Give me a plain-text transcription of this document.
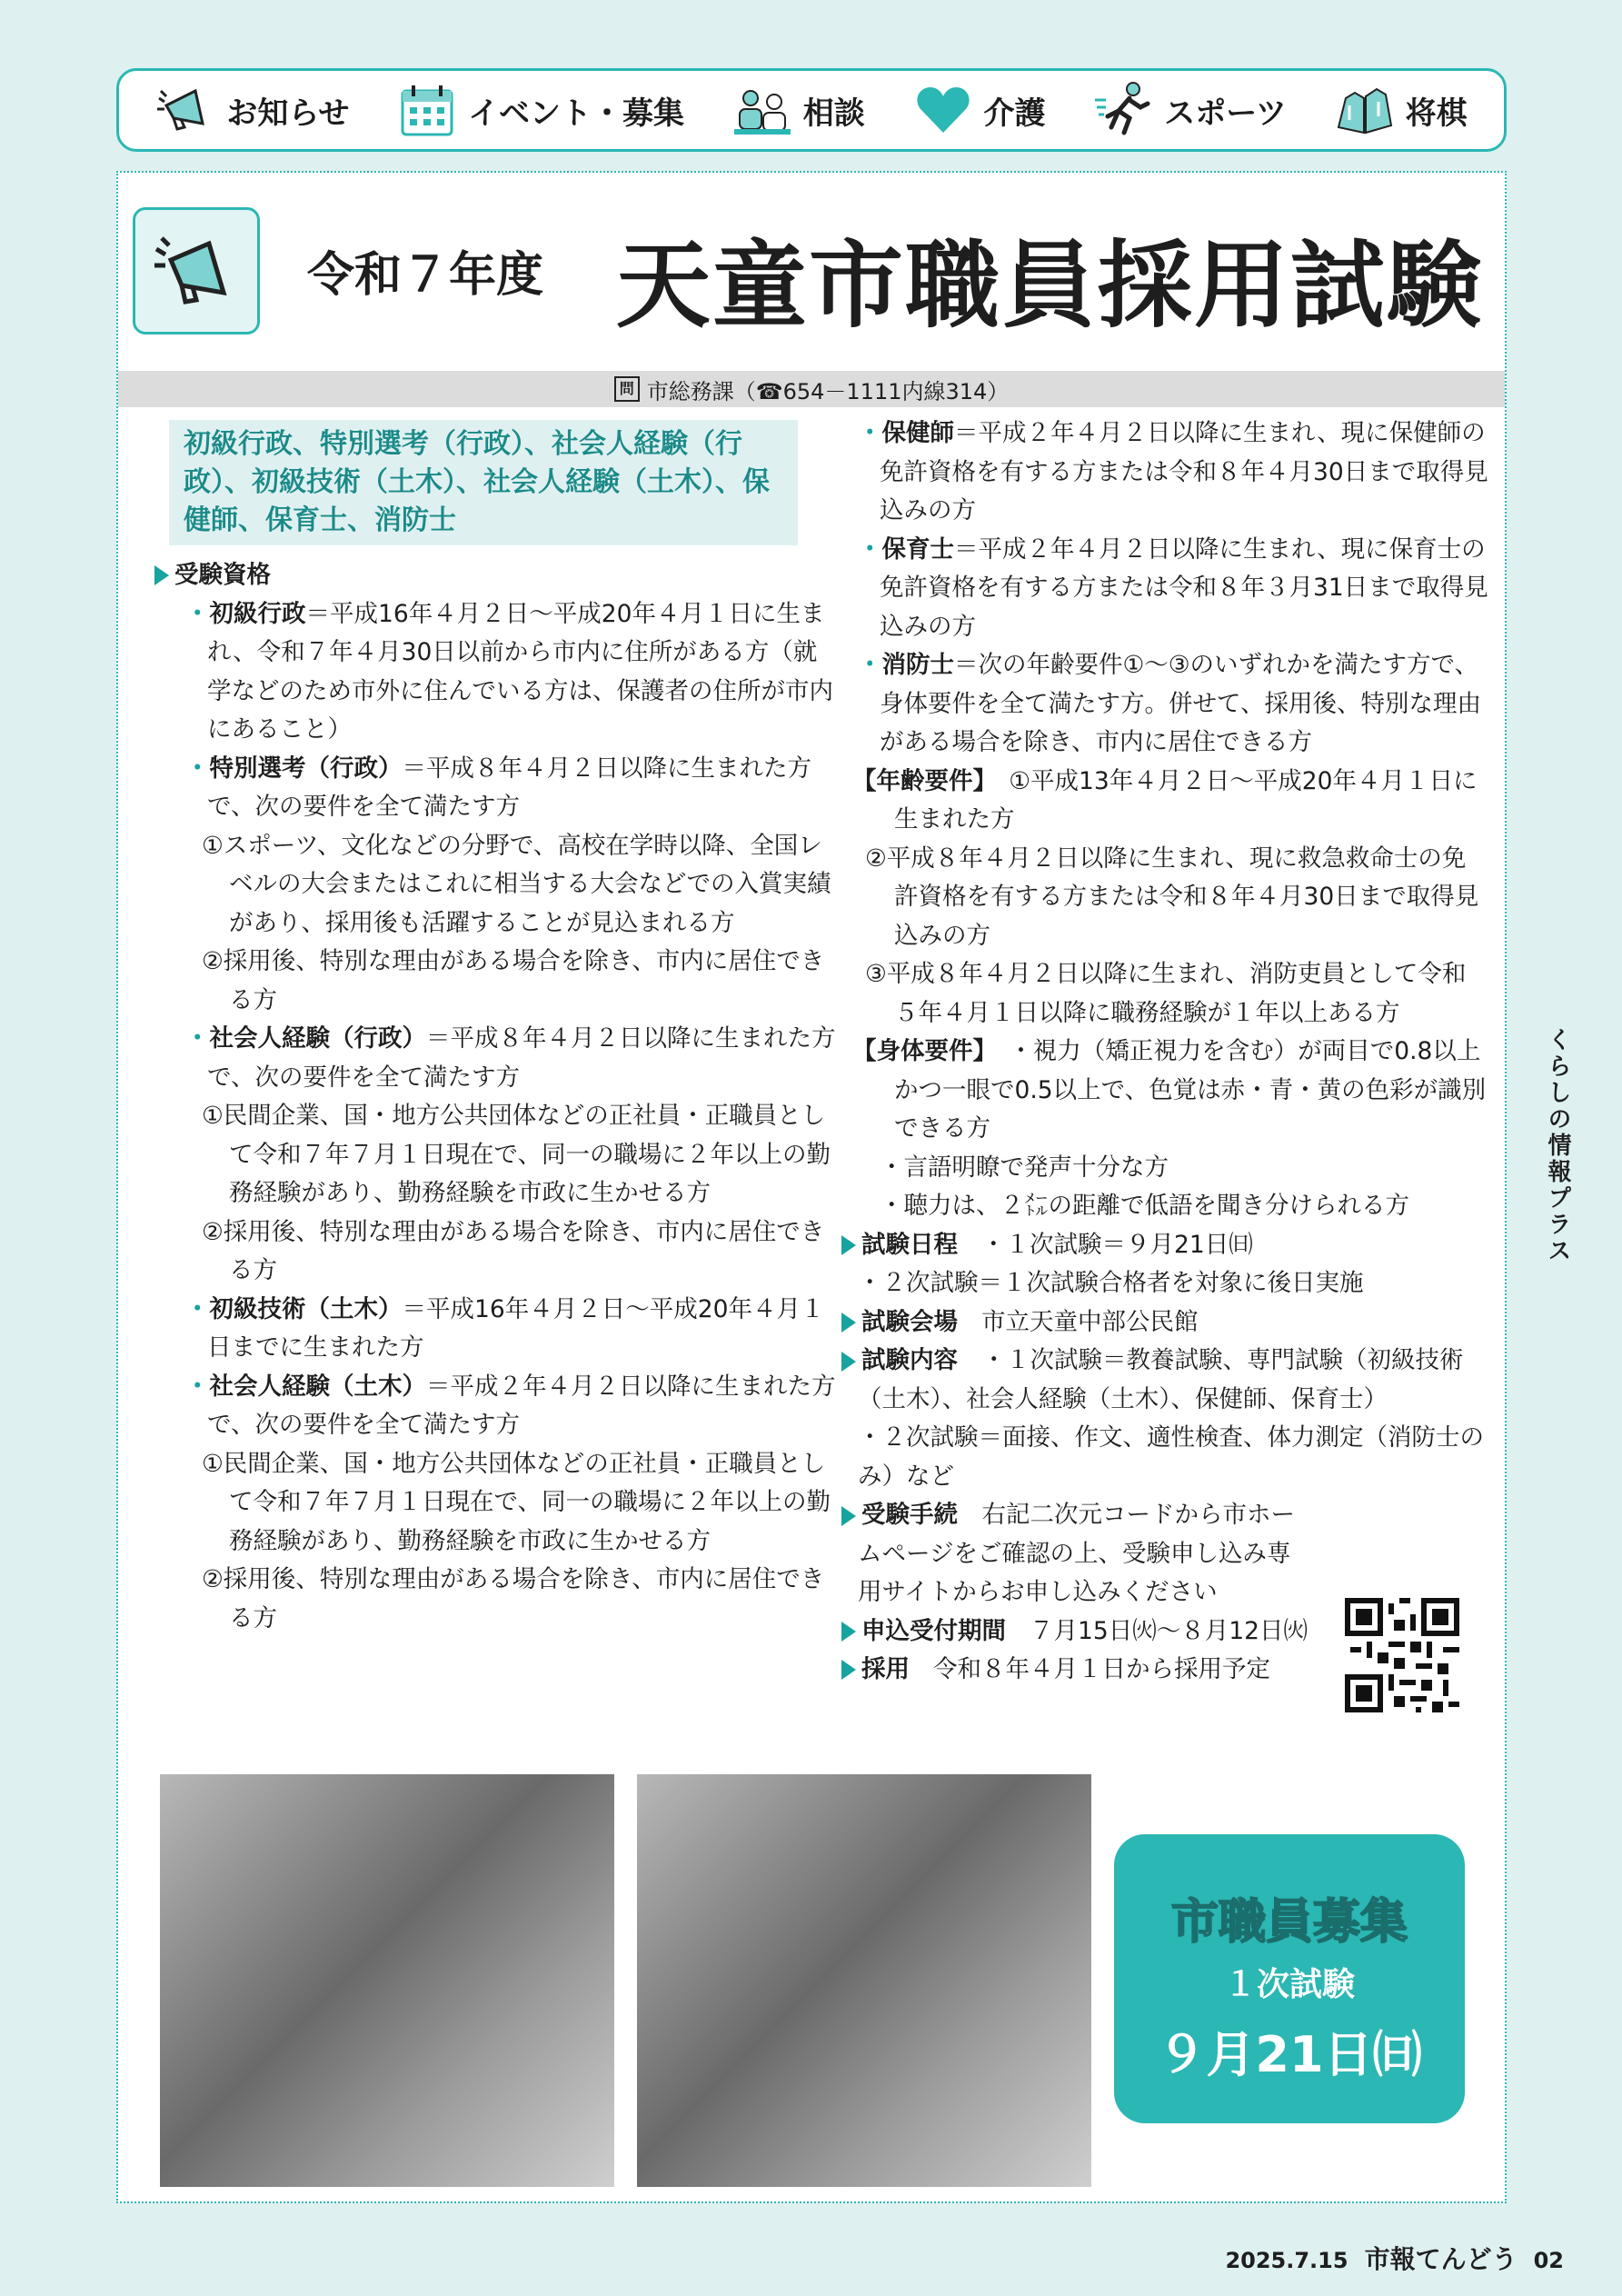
お知らせ	イベント・募集	相談	介護	スポーツ	将棋
令和７年度 天童市職員採用試験
問 市総務課（☎654－1111内線314）
初級行政、特別選考（行政）、社会人経験（行政）、初級技術（土木）、社会人経験（土木）、保健師、保育士、消防士
受験資格

・初級行政＝平成16年４月２日～平成20年４月１日に生まれ、令和７年４月30日以前から市内に住所がある方（就学などのため市外に住んでいる方は、保護者の住所が市内にあること）

・特別選考（行政）＝平成８年４月２日以降に生まれた方で、次の要件を全て満たす方

①スポーツ、文化などの分野で、高校在学時以降、全国レベルの大会またはこれに相当する大会などでの入賞実績があり、採用後も活躍することが見込まれる方

②採用後、特別な理由がある場合を除き、市内に居住できる方

・社会人経験（行政）＝平成８年４月２日以降に生まれた方で、次の要件を全て満たす方

①民間企業、国・地方公共団体などの正社員・正職員として令和７年７月１日現在で、同一の職場に２年以上の勤務経験があり、勤務経験を市政に生かせる方

②採用後、特別な理由がある場合を除き、市内に居住できる方

・初級技術（土木）＝平成16年４月２日～平成20年４月１日までに生まれた方

・社会人経験（土木）＝平成２年４月２日以降に生まれた方で、次の要件を全て満たす方

①民間企業、国・地方公共団体などの正社員・正職員として令和７年７月１日現在で、同一の職場に２年以上の勤務経験があり、勤務経験を市政に生かせる方

②採用後、特別な理由がある場合を除き、市内に居住できる方

・保健師＝平成２年４月２日以降に生まれ、現に保健師の免許資格を有する方または令和８年４月30日まで取得見込みの方

・保育士＝平成２年４月２日以降に生まれ、現に保育士の免許資格を有する方または令和８年３月31日まで取得見込みの方

・消防士＝次の年齢要件①～③のいずれかを満たす方で、身体要件を全て満たす方。併せて、採用後、特別な理由がある場合を除き、市内に居住できる方

【年齢要件】　 ①平成13年４月２日～平成20年４月１日に生まれた方

②平成８年４月２日以降に生まれ、現に救急救命士の免許資格を有する方または令和８年４月30日まで取得見込みの方

③平成８年４月２日以降に生まれ、消防吏員として令和５年４月１日以降に職務経験が１年以上ある方

【身体要件】　 ・視力（矯正視力を含む）が両目で0.8以上かつ一眼で0.5以上で、色覚は赤・青・黄の色彩が識別できる方

・言語明瞭で発声十分な方

・聴力は、２㍍の距離で低語を聞き分けられる方

試験日程 ・１次試験＝９月21日㈰

・２次試験＝１次試験合格者を対象に後日実施

試験会場 市立天童中部公民館

試験内容　 ・１次試験＝教養試験、専門試験（初級技術（土木）、社会人経験（土木）、保健師、保育士）

・２次試験＝面接、作文、適性検査、体力測定（消防士のみ）など

受験手続　 右記二次元コードから市ホームページをご確認の上、受験申し込み専用サイトからお申し込みください

申込受付期間 ７月15日㈫～８月12日㈫
採用 令和８年４月１日から採用予定
市職員募集
１次試験
９月21日㈰
くらしの情報プラス
2025.7.15 市報てんどう 02
